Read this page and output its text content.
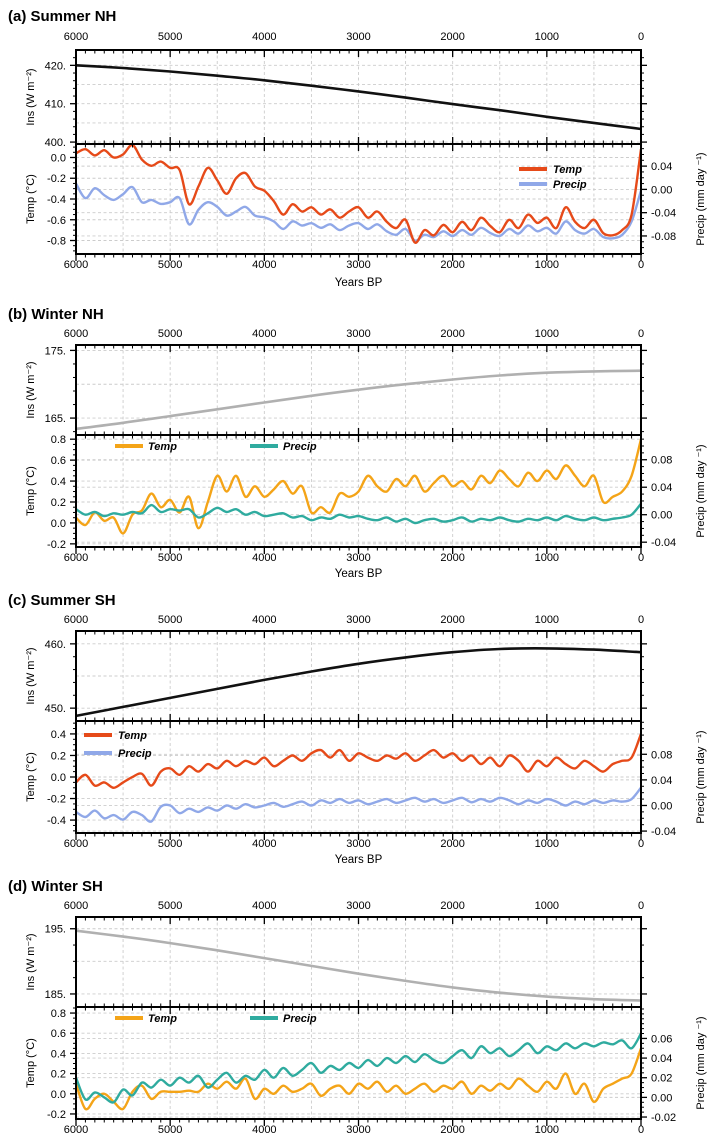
(a) Summer NH
6000
6000
5000
5000
4000
4000
3000
3000
2000
2000
1000
1000
0
0
420.
410.
400.
0.0
-0.2
-0.4
-0.6
-0.8
0.04
0.00
-0.04
-0.08
Ins (W m⁻²)
Temp (°C)	Precip (mm day ⁻¹)
Years BP
Temp
Precip
(b) Winter NH
6000
6000
5000
5000
4000
4000
3000
3000
2000
2000
1000
1000
0
0
175.
165.
0.8
0.6
0.4
0.2
0.0
-0.2
0.08
0.04
0.00
-0.04
Ins (W m⁻²)
Temp (°C)	Precip (mm day ⁻¹)
Years BP
Temp	Precip
(c) Summer SH
6000
6000
5000
5000
4000
4000
3000
3000
2000
2000
1000
1000
0
0
460.
450.
0.4
0.2
0.0
-0.2
-0.4
0.08
0.04
0.00
-0.04
Ins (W m⁻²)
Temp (°C)	Precip (mm day ⁻¹)
Years BP
Temp
Precip
(d) Winter SH
6000
6000
5000
5000
4000
4000
3000
3000
2000
2000
1000
1000
0
0
195.
185.
0.8
0.6
0.4
0.2
0.0
-0.2
0.06
0.04
0.02
0.00
-0.02
Ins (W m⁻²)
Temp (°C)	Precip (mm day ⁻¹)
Temp	Precip
